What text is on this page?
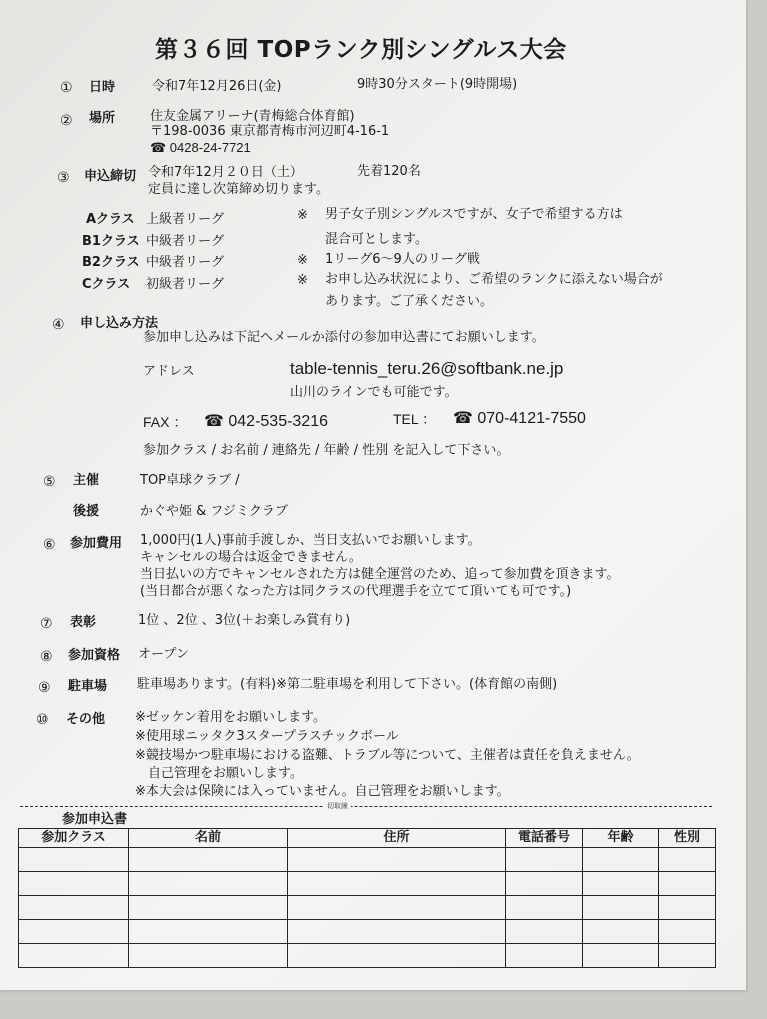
第３６回 TOPランク別シングルス大会
① 日時	令和7年12月26日(金)	9時30分スタート(9時開場)
② 場所	住友金属アリーナ(青梅総合体育館)
〒198-0036 東京都青梅市河辺町4-16-1
☎ 0428-24-7721
③ 申込締切 令和7年12月２０日（土）	先着120名
定員に達し次第締め切ります。
Aクラス 上級者リーグ
B1クラス 中級者リーグ
B2クラス 中級者リーグ
Cクラス 初級者リーグ
※ 男子女子別シングルスですが、女子で希望する方は
混合可とします。
※ 1リーグ6～9人のリーグ戦
※ お申し込み状況により、ご希望のランクに添えない場合が
あります。ご了承ください。
④ 申し込み方法
参加申し込みは下記へメールか添付の参加申込書にてお願いします。
アドレス	table-tennis_teru.26@softbank.ne.jp
山川のラインでも可能です。
FAX ： ☎ 042-535-3216	TEL ： ☎ 070-4121-7550
参加クラス / お名前 / 連絡先 / 年齢 / 性別 を記入して下さい。
⑤ 主催	TOP卓球クラブ /
後援	かぐや姫 & フジミクラブ
⑥ 参加費用 1,000円(1人)事前手渡しか、当日支払いでお願いします。
キャンセルの場合は返金できません。
当日払いの方でキャンセルされた方は健全運営のため、追って参加費を頂きます。
(当日都合が悪くなった方は同クラスの代理選手を立てて頂いても可です。)
⑦ 表彰	1位 、2位 、3位(＋お楽しみ賞有り)
⑧ 参加資格 オープン
⑨ 駐車場 駐車場あります。(有料)※第二駐車場を利用して下さい。(体育館の南側)
⑩ その他 ※ゼッケン着用をお願いします。
※使用球ニッタク3スタープラスチックボール
※競技場かつ駐車場における盗難、トラブル等について、主催者は責任を負えません。
自己管理をお願いします。
※本大会は保険には入っていません。自己管理をお願いします。
切取線
参加申込書
参加クラス	名前	住所	電話番号	年齢	性別
